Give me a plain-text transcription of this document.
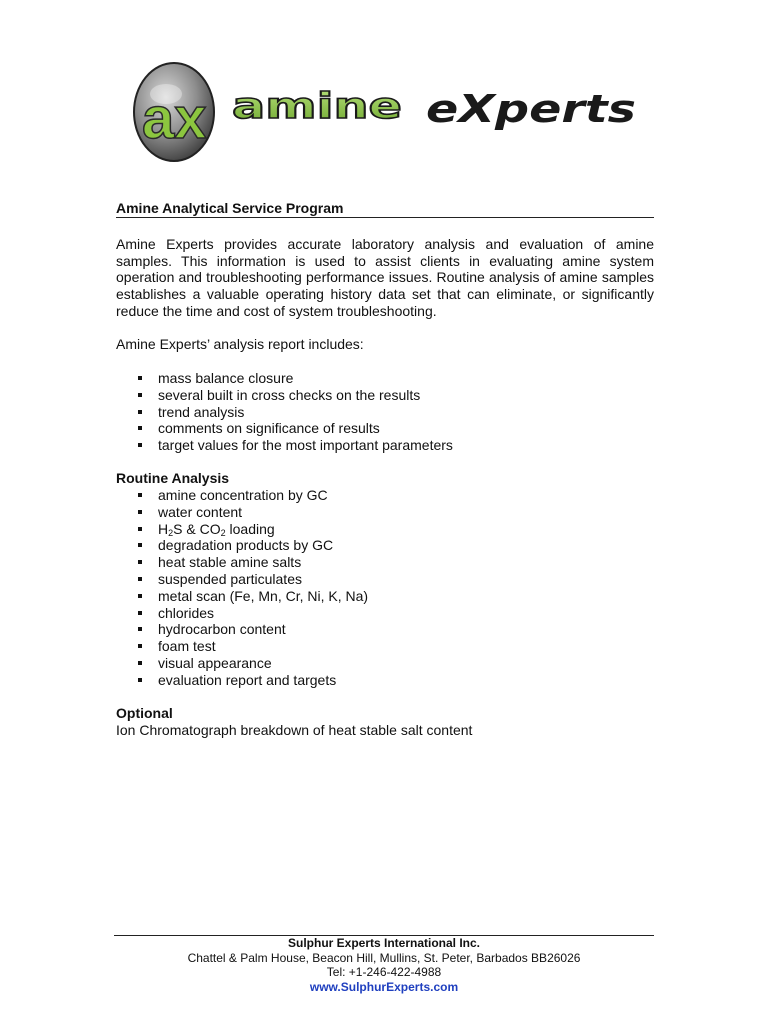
ax amine eXperts
Amine Analytical Service Program
Amine Experts provides accurate laboratory analysis and evaluation of amine samples. This information is used to assist clients in evaluating amine system operation and troubleshooting performance issues. Routine analysis of amine samples establishes a valuable operating history data set that can eliminate, or significantly reduce the time and cost of system troubleshooting.
Amine Experts’ analysis report includes:
mass balance closure
several built in cross checks on the results
trend analysis
comments on significance of results
target values for the most important parameters
Routine Analysis
amine concentration by GC
water content
$H_2S$ & $CO_2$ loading
degradation products by GC
heat stable amine salts
suspended particulates
metal scan (Fe, Mn, Cr, Ni, K, Na)
chlorides
hydrocarbon content
foam test
visual appearance
evaluation report and targets
Optional
Ion Chromatograph breakdown of heat stable salt content
Sulphur Experts International Inc.
Chattel & Palm House, Beacon Hill, Mullins, St. Peter, Barbados BB26026
Tel: +1-246-422-4988
www.SulphurExperts.com
